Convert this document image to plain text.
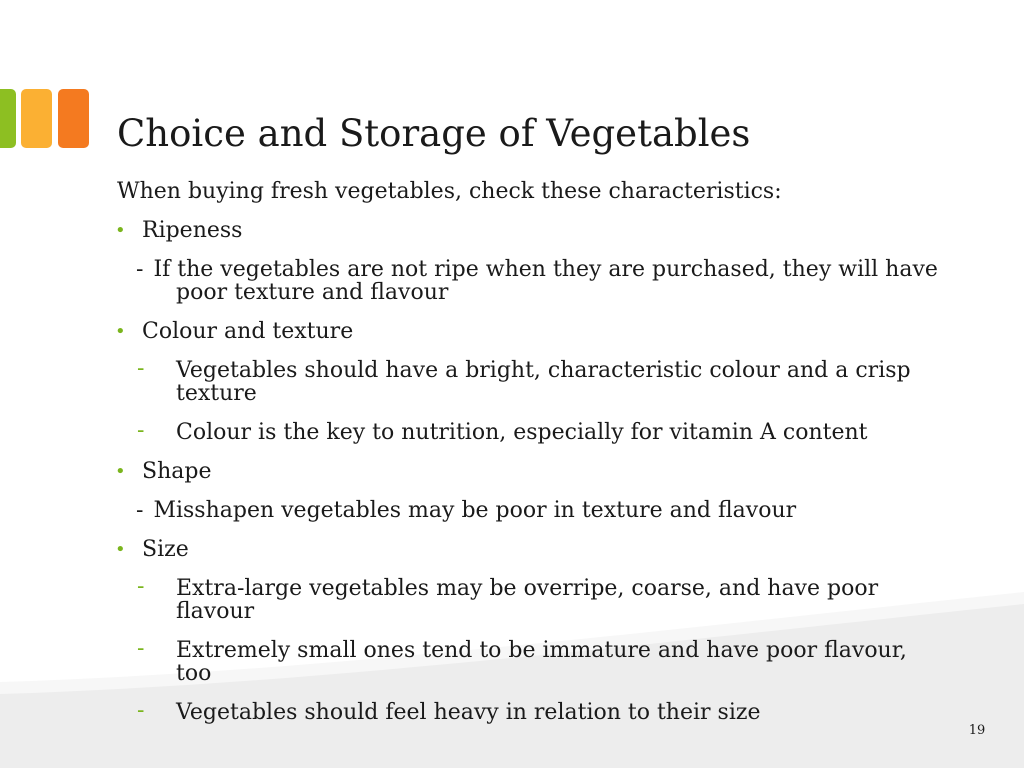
Choice and Storage of Vegetables

When buying fresh vegetables, check these characteristics:

• Ripeness

- If the vegetables are not ripe when they are purchased, they will have poor texture and flavour

• Colour and texture

- Vegetables should have a bright, characteristic colour and a crisp texture

- Colour is the key to nutrition, especially for vitamin A content

• Shape

- Misshapen vegetables may be poor in texture and flavour

• Size

- Extra-large vegetables may be overripe, coarse, and have poor flavour

- Extremely small ones tend to be immature and have poor flavour, too

- Vegetables should feel heavy in relation to their size

19
